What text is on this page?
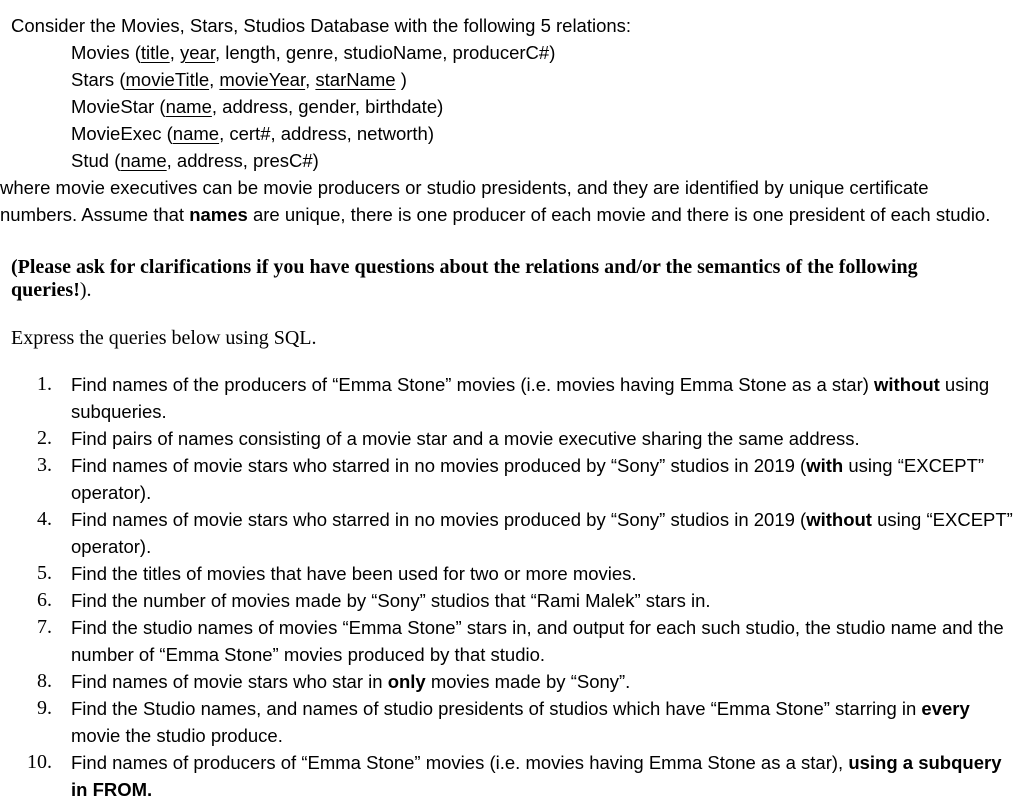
Consider the Movies, Stars, Studios Database with the following 5 relations:
Movies (title, year, length, genre, studioName, producerC#)
Stars (movieTitle, movieYear, starName )
MovieStar (name, address, gender, birthdate)
MovieExec (name, cert#, address, networth)
Stud (name, address, presC#)
where movie executives can be movie producers or studio presidents, and they are identified by unique certificate numbers. Assume that names are unique, there is one producer of each movie and there is one president of each studio.
(Please ask for clarifications if you have questions about the relations and/or the semantics of the following queries!).
Express the queries below using SQL.
1. Find names of the producers of “Emma Stone” movies (i.e. movies having Emma Stone as a star) without using subqueries.
2. Find pairs of names consisting of a movie star and a movie executive sharing the same address.
3. Find names of movie stars who starred in no movies produced by “Sony” studios in 2019 (with using “EXCEPT” operator).
4. Find names of movie stars who starred in no movies produced by “Sony” studios in 2019 (without using “EXCEPT” operator).
5. Find the titles of movies that have been used for two or more movies.
6. Find the number of movies made by “Sony” studios that “Rami Malek” stars in.
7. Find the studio names of movies “Emma Stone” stars in, and output for each such studio, the studio name and the number of “Emma Stone” movies produced by that studio.
8. Find names of movie stars who star in only movies made by “Sony”.
9. Find the Studio names, and names of studio presidents of studios which have “Emma Stone” starring in every movie the studio produce.
10. Find names of producers of “Emma Stone” movies (i.e. movies having Emma Stone as a star), using a subquery in FROM.
